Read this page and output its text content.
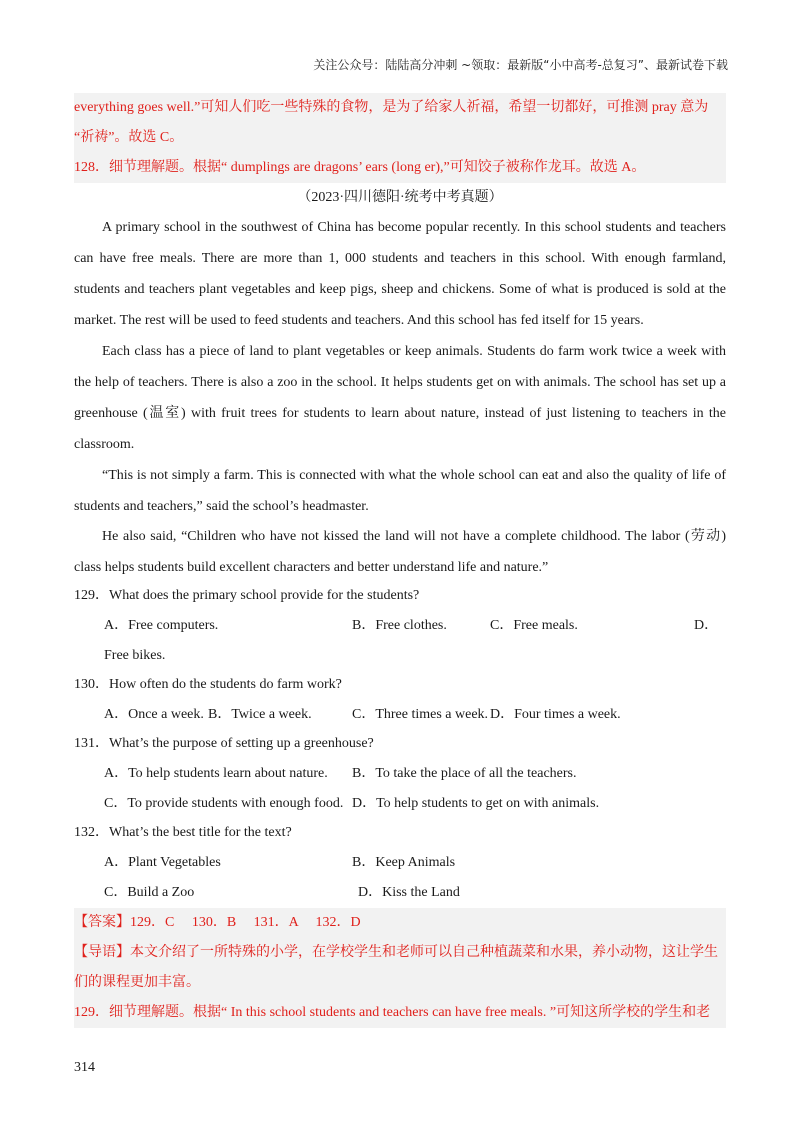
关注公众号：陆陆高分冲刺 ~领取：最新版“小中高考-总复习”、最新试卷下载
everything goes well.”可知人们吃一些特殊的食物，是为了给家人祈福，希望一切都好，可推测 pray 意为
“祈祷”。故选 C。
128．细节理解题。根据“ dumplings are dragons’ ears (long er),”可知饺子被称作龙耳。故选 A。
（2023·四川德阳·统考中考真题）
A primary school in the southwest of China has become popular recently. In this school students and teachers can have free meals. There are more than 1, 000 students and teachers in this school. With enough farmland, students and teachers plant vegetables and keep pigs, sheep and chickens. Some of what is produced is sold at the market. The rest will be used to feed students and teachers. And this school has fed itself for 15 years.
Each class has a piece of land to plant vegetables or keep animals. Students do farm work twice a week with the help of teachers. There is also a zoo in the school. It helps students get on with animals. The school has set up a greenhouse (温室) with fruit trees for students to learn about nature, instead of just listening to teachers in the classroom.
“This is not simply a farm. This is connected with what the whole school can eat and also the quality of life of students and teachers,” said the school’s headmaster.
He also said, “Children who have not kissed the land will not have a complete childhood. The labor (劳动) class helps students build excellent characters and better understand life and nature.”
129．What does the primary school provide for the students?
A．Free computers.	B．Free clothes.	C．Free meals.	D．
Free bikes.
130．How often do the students do farm work?
A．Once a week. B．Twice a week.	C．Three times a week. D．Four times a week.
131．What’s the purpose of setting up a greenhouse?
A．To help students learn about nature. B．To take the place of all the teachers.
C．To provide students with enough food. D．To help students to get on with animals.
132．What’s the best title for the text?
A．Plant Vegetables	B．Keep Animals
C．Build a Zoo	D．Kiss the Land
【答案】129．C     130．B     131．A     132．D
【导语】本文介绍了一所特殊的小学，在学校学生和老师可以自己种植蔬菜和水果，养小动物，这让学生
们的课程更加丰富。
129．细节理解题。根据“ In this school students and teachers can have free meals. ”可知这所学校的学生和老
314
